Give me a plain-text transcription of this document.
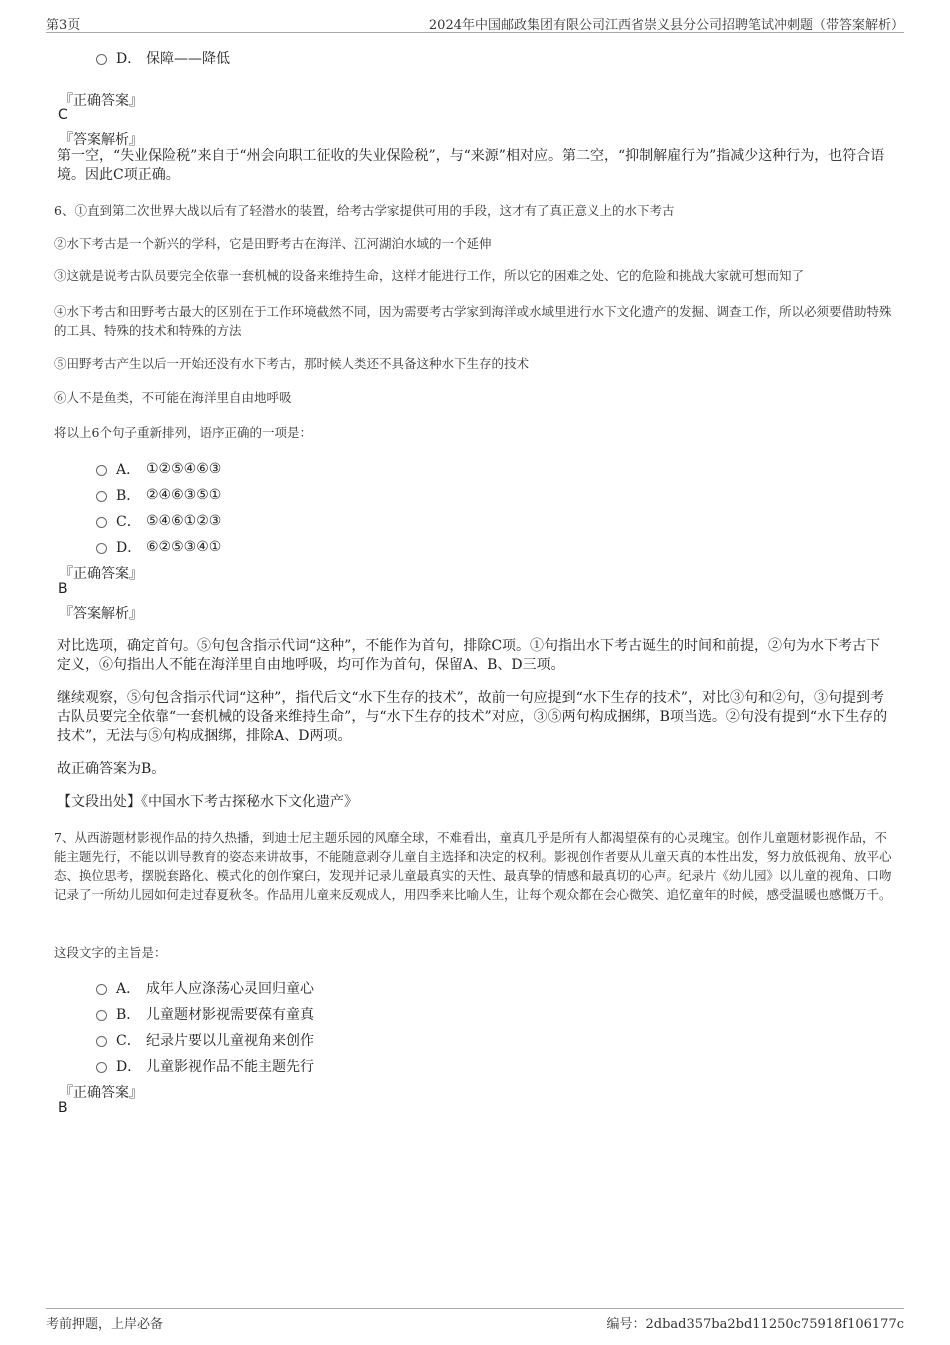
第3页	2024年中国邮政集团有限公司江西省崇义县分公司招聘笔试冲刺题（带答案解析）
D． 保障——降低
『正确答案』
C
『答案解析』
第一空，“失业保险税”来自于“州会向职工征收的失业保险税”，与“来源”相对应。第二空，“抑制解雇行为”指减少这种行为，也符合语境。因此C项正确。
6、①直到第二次世界大战以后有了轻潜水的装置，给考古学家提供可用的手段，这才有了真正意义上的水下考古
②水下考古是一个新兴的学科，它是田野考古在海洋、江河湖泊水域的一个延伸
③这就是说考古队员要完全依靠一套机械的设备来维持生命，这样才能进行工作，所以它的困难之处、它的危险和挑战大家就可想而知了
④水下考古和田野考古最大的区别在于工作环境截然不同，因为需要考古学家到海洋或水域里进行水下文化遗产的发掘、调查工作，所以必须要借助特殊的工具、特殊的技术和特殊的方法
⑤田野考古产生以后一开始还没有水下考古，那时候人类还不具备这种水下生存的技术
⑥人不是鱼类，不可能在海洋里自由地呼吸
将以上6个句子重新排列，语序正确的一项是：
A． ①②⑤④⑥③
B． ②④⑥③⑤①
C． ⑤④⑥①②③
D． ⑥②⑤③④①
『正确答案』
B
『答案解析』
对比选项，确定首句。⑤句包含指示代词“这种”，不能作为首句，排除C项。①句指出水下考古诞生的时间和前提，②句为水下考古下定义，⑥句指出人不能在海洋里自由地呼吸，均可作为首句，保留A、B、D三项。
继续观察，⑤句包含指示代词“这种”，指代后文“水下生存的技术”，故前一句应提到“水下生存的技术”，对比③句和②句，③句提到考古队员要完全依靠“一套机械的设备来维持生命”，与“水下生存的技术”对应，③⑤两句构成捆绑，B项当选。②句没有提到“水下生存的技术”，无法与⑤句构成捆绑，排除A、D两项。
故正确答案为B。
【文段出处】《中国水下考古探秘水下文化遗产》
7、从西游题材影视作品的持久热播，到迪士尼主题乐园的风靡全球，不难看出，童真几乎是所有人都渴望葆有的心灵瑰宝。创作儿童题材影视作品，不能主题先行，不能以训导教育的姿态来讲故事，不能随意剥夺儿童自主选择和决定的权利。影视创作者要从儿童天真的本性出发，努力放低视角、放平心态、换位思考，摆脱套路化、模式化的创作窠臼，发现并记录儿童最真实的天性、最真挚的情感和最真切的心声。纪录片《幼儿园》以儿童的视角、口吻记录了一所幼儿园如何走过春夏秋冬。作品用儿童来反观成人，用四季来比喻人生，让每个观众都在会心微笑、追忆童年的时候，感受温暖也感慨万千。
这段文字的主旨是：
A． 成年人应涤荡心灵回归童心
B． 儿童题材影视需要葆有童真
C． 纪录片要以儿童视角来创作
D． 儿童影视作品不能主题先行
『正确答案』
B
考前押题，上岸必备	编号：2dbad357ba2bd11250c75918f106177c
